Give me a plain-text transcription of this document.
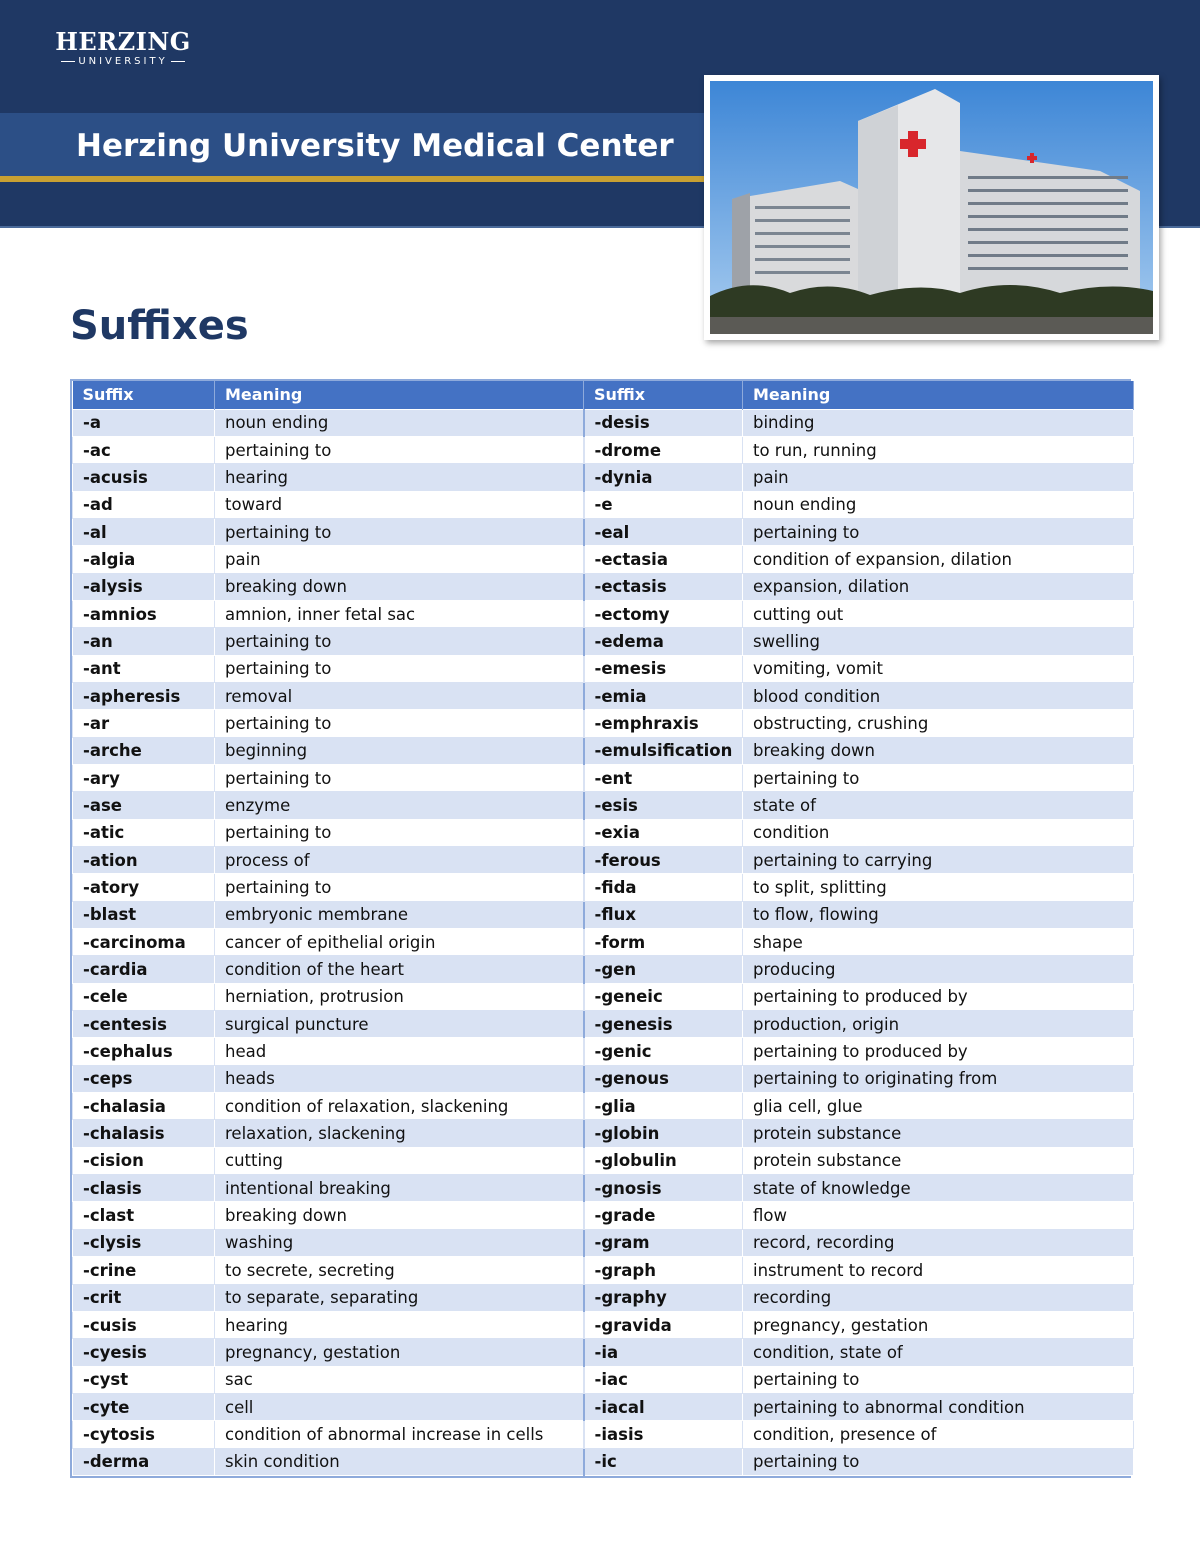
HERZING
UNIVERSITY
Herzing University Medical Center
Suffixes
Suffix	Meaning	Suffix	Meaning
-a	noun ending	-desis	binding
-ac	pertaining to	-drome	to run, running
-acusis	hearing	-dynia	pain
-ad	toward	-e	noun ending
-al	pertaining to	-eal	pertaining to
-algia	pain	-ectasia	condition of expansion, dilation
-alysis	breaking down	-ectasis	expansion, dilation
-amnios	amnion, inner fetal sac	-ectomy	cutting out
-an	pertaining to	-edema	swelling
-ant	pertaining to	-emesis	vomiting, vomit
-apheresis	removal	-emia	blood condition
-ar	pertaining to	-emphraxis	obstructing, crushing
-arche	beginning	-emulsification	breaking down
-ary	pertaining to	-ent	pertaining to
-ase	enzyme	-esis	state of
-atic	pertaining to	-exia	condition
-ation	process of	-ferous	pertaining to carrying
-atory	pertaining to	-fida	to split, splitting
-blast	embryonic membrane	-flux	to flow, flowing
-carcinoma	cancer of epithelial origin	-form	shape
-cardia	condition of the heart	-gen	producing
-cele	herniation, protrusion	-geneic	pertaining to produced by
-centesis	surgical puncture	-genesis	production, origin
-cephalus	head	-genic	pertaining to produced by
-ceps	heads	-genous	pertaining to originating from
-chalasia	condition of relaxation, slackening	-glia	glia cell, glue
-chalasis	relaxation, slackening	-globin	protein substance
-cision	cutting	-globulin	protein substance
-clasis	intentional breaking	-gnosis	state of knowledge
-clast	breaking down	-grade	flow
-clysis	washing	-gram	record, recording
-crine	to secrete, secreting	-graph	instrument to record
-crit	to separate, separating	-graphy	recording
-cusis	hearing	-gravida	pregnancy, gestation
-cyesis	pregnancy, gestation	-ia	condition, state of
-cyst	sac	-iac	pertaining to
-cyte	cell	-iacal	pertaining to abnormal condition
-cytosis	condition of abnormal increase in cells	-iasis	condition, presence of
-derma	skin condition	-ic	pertaining to
